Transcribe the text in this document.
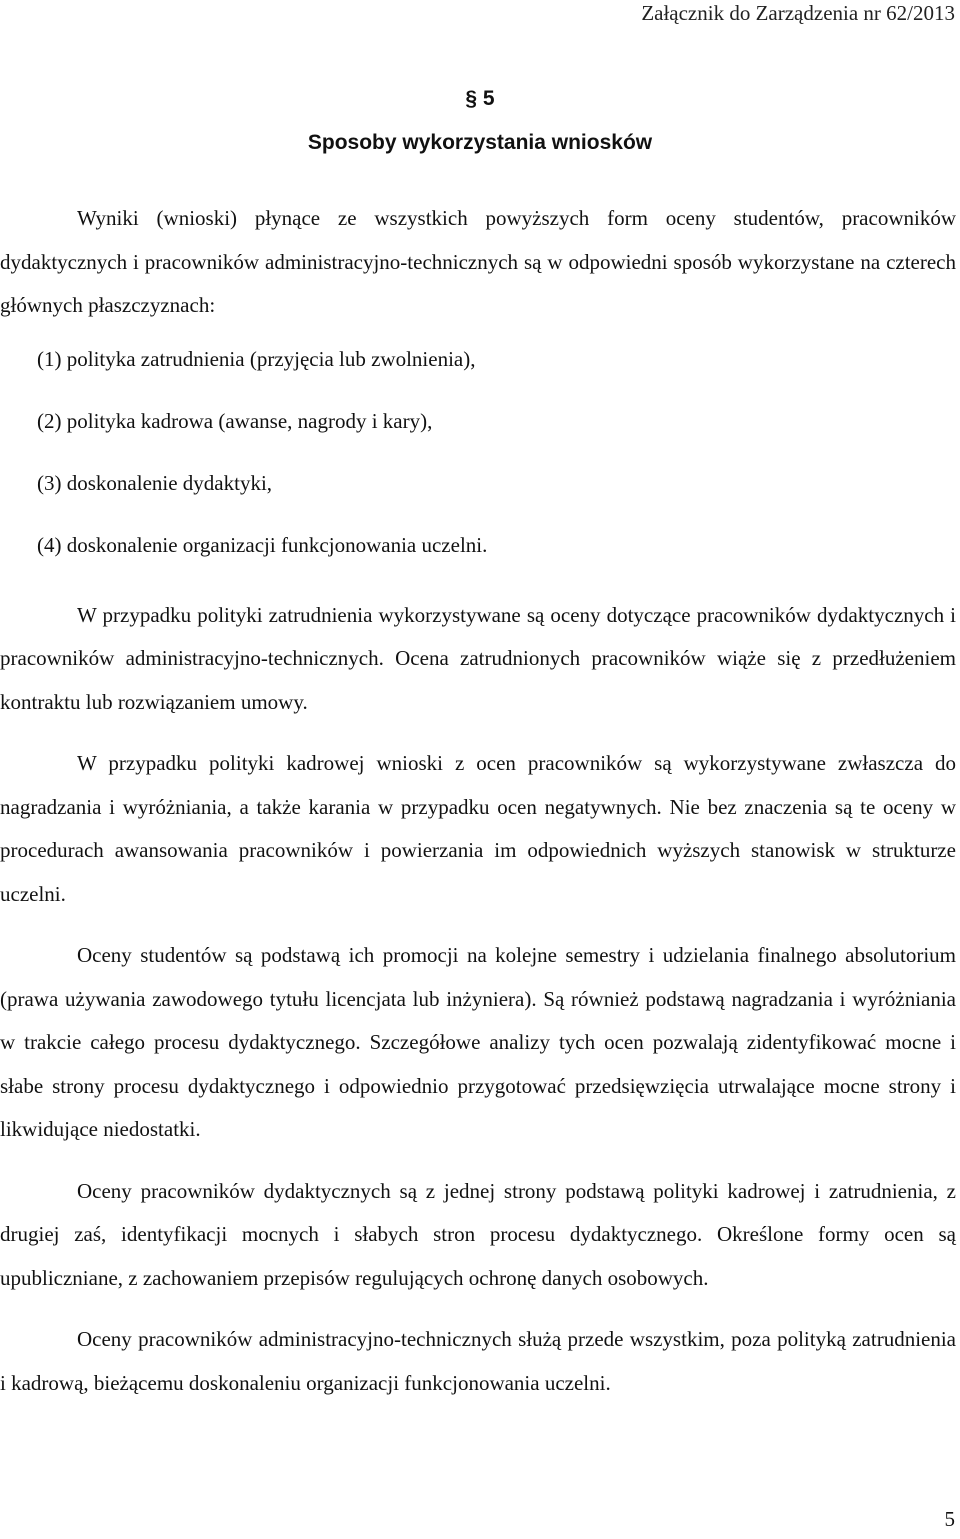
Załącznik do Zarządzenia nr 62/2013
§ 5
Sposoby wykorzystania wniosków

Wyniki (wnioski) płynące ze wszystkich powyższych form oceny studentów, pracowników dydaktycznych i pracowników administracyjno-technicznych są w odpowiedni sposób wykorzystane na czterech głównych płaszczyznach:

(1) polityka zatrudnienia (przyjęcia lub zwolnienia),
(2) polityka kadrowa (awanse, nagrody i kary),
(3) doskonalenie dydaktyki,
(4) doskonalenie organizacji funkcjonowania uczelni.

W przypadku polityki zatrudnienia wykorzystywane są oceny dotyczące pracowników dydaktycznych i pracowników administracyjno-technicznych. Ocena zatrudnionych pracowników wiąże się z przedłużeniem kontraktu lub rozwiązaniem umowy.

W przypadku polityki kadrowej wnioski z ocen pracowników są wykorzystywane zwłaszcza do nagradzania i wyróżniania, a także karania w przypadku ocen negatywnych. Nie bez znaczenia są te oceny w procedurach awansowania pracowników i powierzania im odpowiednich wyższych stanowisk w strukturze uczelni.

Oceny studentów są podstawą ich promocji na kolejne semestry i udzielania finalnego absolutorium (prawa używania zawodowego tytułu licencjata lub inżyniera). Są również podstawą nagradzania i wyróżniania w trakcie całego procesu dydaktycznego. Szczegółowe analizy tych ocen pozwalają zidentyfikować mocne i słabe strony procesu dydaktycznego i odpowiednio przygotować przedsięwzięcia utrwalające mocne strony i likwidujące niedostatki.

Oceny pracowników dydaktycznych są z jednej strony podstawą polityki kadrowej i zatrudnienia, z drugiej zaś, identyfikacji mocnych i słabych stron procesu dydaktycznego. Określone formy ocen są upubliczniane, z zachowaniem przepisów regulujących ochronę danych osobowych.

Oceny pracowników administracyjno-technicznych służą przede wszystkim, poza polityką zatrudnienia i kadrową, bieżącemu doskonaleniu organizacji funkcjonowania uczelni.

5
